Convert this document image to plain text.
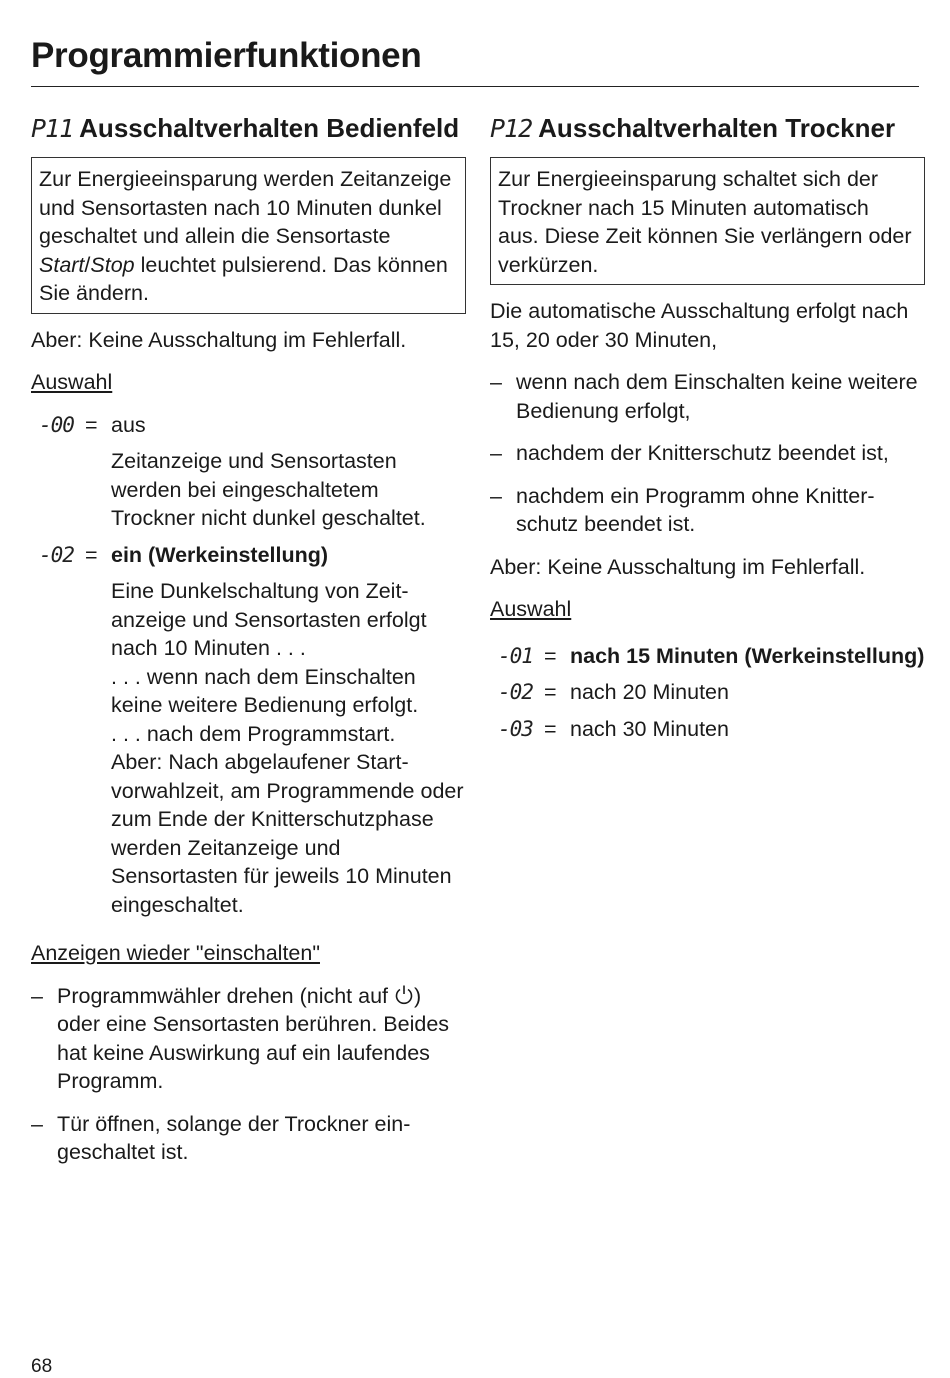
Programmierfunktionen
P11 Ausschaltverhalten Bedienfeld
Zur Energieeinsparung werden Zeitanzeige und Sensortasten nach 10 Minuten dunkel geschaltet und allein die Sensortaste Start/Stop leuchtet pulsierend. Das können Sie ändern.
Aber: Keine Ausschaltung im Fehlerfall.
Auswahl
-00 = aus
Zeitanzeige und Sensortasten werden bei eingeschaltetem Trockner nicht dunkel geschaltet.
-02 = ein (Werkeinstellung)
Eine Dunkelschaltung von Zeitanzeige und Sensortasten erfolgt nach 10 Minuten . . .
. . . wenn nach dem Einschalten keine weitere Bedienung erfolgt.
. . . nach dem Programmstart.
Aber: Nach abgelaufener Startvorwahlzeit, am Programmende oder zum Ende der Knitterschutzphase werden Zeitanzeige und Sensortasten für jeweils 10 Minuten eingeschaltet.
Anzeigen wieder "einschalten"
– Programmwähler drehen (nicht auf ) oder eine Sensortasten berühren. Beides hat keine Auswirkung auf ein laufendes Programm.
– Tür öffnen, solange der Trockner eingeschaltet ist.
P12 Ausschaltverhalten Trockner
Zur Energieeinsparung schaltet sich der Trockner nach 15 Minuten automatisch aus. Diese Zeit können Sie verlängern oder verkürzen.
Die automatische Ausschaltung erfolgt nach 15, 20 oder 30 Minuten,
– wenn nach dem Einschalten keine weitere Bedienung erfolgt,
– nachdem der Knitterschutz beendet ist,
– nachdem ein Programm ohne Knitterschutz beendet ist.
Aber: Keine Ausschaltung im Fehlerfall.
Auswahl
-01 = nach 15 Minuten (Werkeinstellung)
-02 = nach 20 Minuten
-03 = nach 30 Minuten
68
